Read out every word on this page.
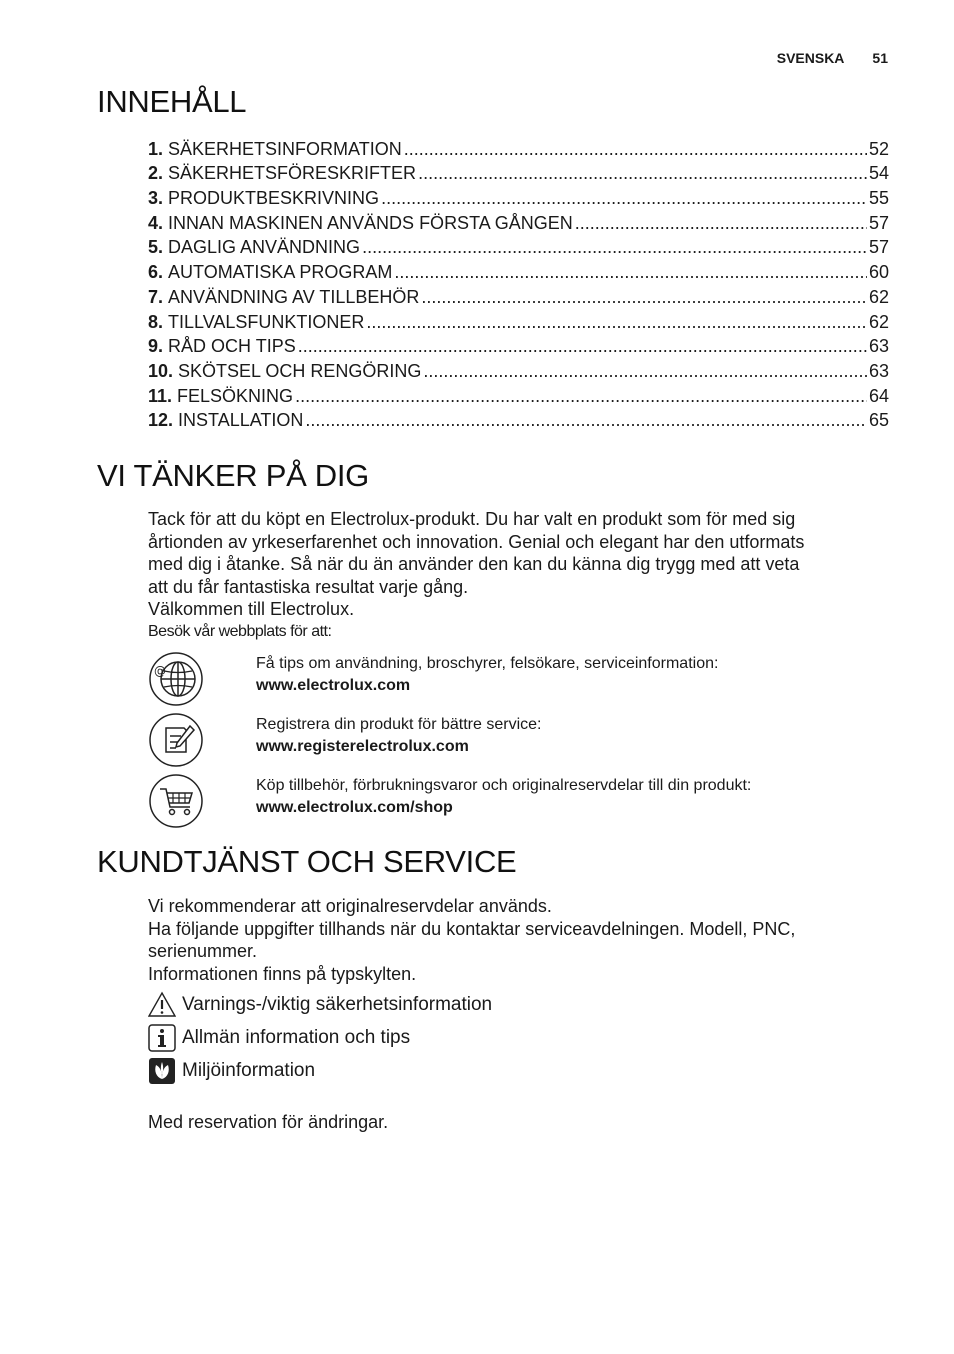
SVENSKA 51
INNEHÅLL
1. SÄKERHETSINFORMATION .....	52
2. SÄKERHETSFÖRESKRIFTER .....	54
3. PRODUKTBESKRIVNING .....	55
4. INNAN MASKINEN ANVÄNDS FÖRSTA GÅNGEN .....	57
5. DAGLIG ANVÄNDNING .....	57
6. AUTOMATISKA PROGRAM .....	60
7. ANVÄNDNING AV TILLBEHÖR .....	62
8. TILLVALSFUNKTIONER .....	62
9. RÅD OCH TIPS .....	63
10. SKÖTSEL OCH RENGÖRING .....	63
11. FELSÖKNING .....	64
12. INSTALLATION .....	65
VI TÄNKER PÅ DIG

Tack för att du köpt en Electrolux-produkt. Du har valt en produkt som för med sig

årtionden av yrkeserfarenhet och innovation. Genial och elegant har den utformats

med dig i åtanke. Så när du än använder den kan du känna dig trygg med att veta

att du får fantastiska resultat varje gång.

Välkommen till Electrolux.

Besök vår webbplats för att:

@	Få tips om användning, broschyrer, felsökare, serviceinformation:
www.electrolux.com
Registrera din produkt för bättre service:
www.registerelectrolux.com
Köp tillbehör, förbrukningsvaror och originalreservdelar till din produkt:
www.electrolux.com/shop
KUNDTJÄNST OCH SERVICE

Vi rekommenderar att originalreservdelar används.

Ha följande uppgifter tillhands när du kontaktar serviceavdelningen. Modell, PNC,

serienummer.

Informationen finns på typskylten.

Varnings-/viktig säkerhetsinformation
Allmän information och tips
Miljöinformation
Med reservation för ändringar.
